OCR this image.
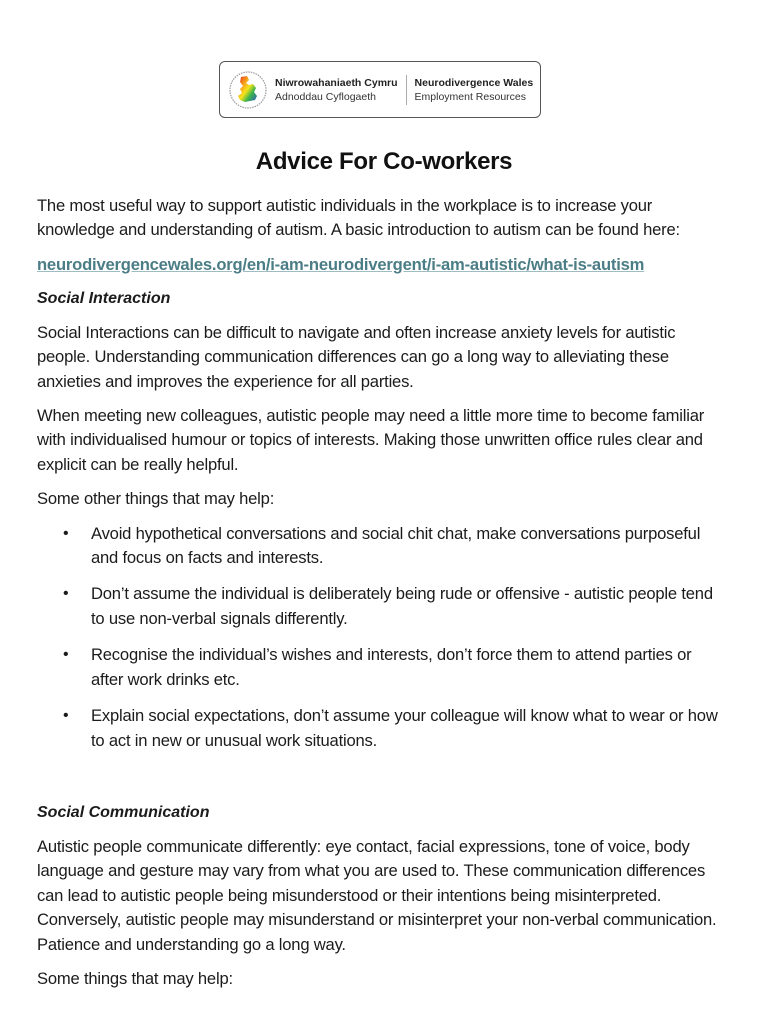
Niwrowahaniaeth Cymru
Adnoddau Cyflogaeth
Neurodivergence Wales
Employment Resources
Advice For Co-workers

The most useful way to support autistic individuals in the workplace is to increase your knowledge and understanding of autism. A basic introduction to autism can be found here:

neurodivergencewales.org/en/i-am-neurodivergent/i-am-autistic/what-is-autism
Social Interaction

Social Interactions can be difficult to navigate and often increase anxiety levels for autistic people. Understanding communication differences can go a long way to alleviating these anxieties and improves the experience for all parties.

When meeting new colleagues, autistic people may need a little more time to become familiar with individualised humour or topics of interests. Making those unwritten office rules clear and explicit can be really helpful.

Some other things that may help:

• Avoid hypothetical conversations and social chit chat, make conversations purposeful and focus on facts and interests.

• Don’t assume the individual is deliberately being rude or offensive - autistic people tend to use non-verbal signals differently.

• Recognise the individual’s wishes and interests, don’t force them to attend parties or after work drinks etc.

• Explain social expectations, don’t assume your colleague will know what to wear or how to act in new or unusual work situations.

Social Communication

Autistic people communicate differently: eye contact, facial expressions, tone of voice, body language and gesture may vary from what you are used to. These communication differences can lead to autistic people being misunderstood or their intentions being misinterpreted. Conversely, autistic people may misunderstand or misinterpret your non-verbal communication. Patience and understanding go a long way.

Some things that may help:
